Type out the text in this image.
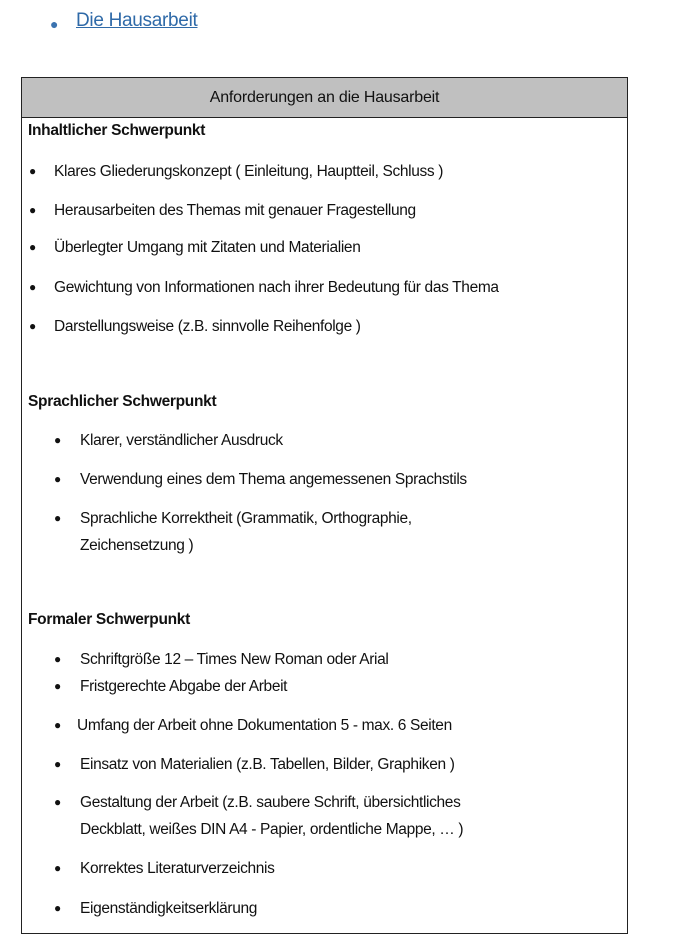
● Die Hausarbeit
Anforderungen an die Hausarbeit
Inhaltlicher Schwerpunkt
Sprachlicher Schwerpunkt
Formaler Schwerpunkt
● Klares Gliederungskonzept ( Einleitung, Hauptteil, Schluss )
● Herausarbeiten des Themas mit genauer Fragestellung
● Überlegter Umgang mit Zitaten und Materialien
● Gewichtung von Informationen nach ihrer Bedeutung für das Thema
● Darstellungsweise (z.B. sinnvolle Reihenfolge )
● Klarer, verständlicher Ausdruck
● Verwendung eines dem Thema angemessenen Sprachstils
● Sprachliche Korrektheit (Grammatik, Orthographie,
Zeichensetzung )
● Schriftgröße 12 – Times New Roman oder Arial
● Fristgerechte Abgabe der Arbeit
● Umfang der Arbeit ohne Dokumentation 5 - max. 6 Seiten
● Einsatz von Materialien (z.B. Tabellen, Bilder, Graphiken )
● Gestaltung der Arbeit (z.B. saubere Schrift, übersichtliches
Deckblatt, weißes DIN A4 - Papier, ordentliche Mappe, … )
● Korrektes Literaturverzeichnis
● Eigenständigkeitserklärung
